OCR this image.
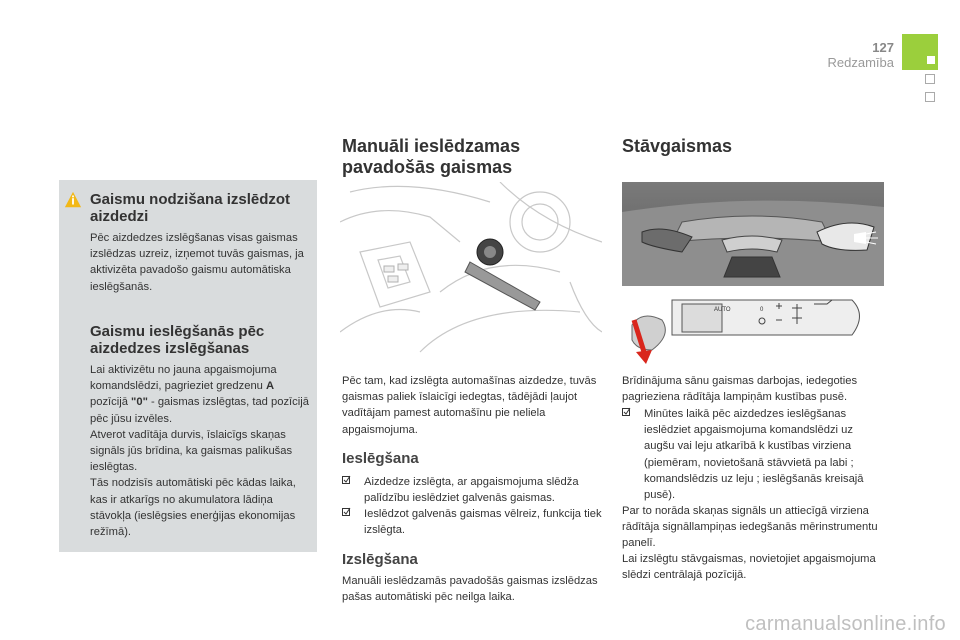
127
Redzamība
Gaismu nodzišana izslēdzot aizdedzi
Pēc aizdedzes izslēgšanas visas gaismas izslēdzas uzreiz, izņemot tuvās gaismas, ja aktivizēta pavadošo gaismu automātiska ieslēgšanās.
Gaismu ieslēgšanās pēc aizdedzes izslēgšanas
Lai aktivizētu no jauna apgaismojuma komandslēdzi, pagrieziet gredzenu A pozīcijā "0" - gaismas izslēgtas, tad pozīcijā pēc jūsu izvēles.
Atverot vadītāja durvis, īslaicīgs skaņas signāls jūs brīdina, ka gaismas palikušas ieslēgtas.
Tās nodzisīs automātiski pēc kādas laika, kas ir atkarīgs no akumulatora lādiņa stāvokļa (ieslēgsies enerģijas ekonomijas režīmā).
Manuāli ieslēdzamas pavadošās gaismas
Pēc tam, kad izslēgta automašīnas aizdedze, tuvās gaismas paliek īslaicīgi iedegtas, tādējādi ļaujot vadītājam pamest automašīnu pie neliela apgaismojuma.
Ieslēgšana
Aizdedze izslēgta, ar apgaismojuma slēdža palīdzību ieslēdziet galvenās gaismas.
Ieslēdzot galvenās gaismas vēlreiz, funkcija tiek izslēgta.
Izslēgšana
Manuāli ieslēdzamās pavadošās gaismas izslēdzas pašas automātiski pēc neilga laika.
Stāvgaismas
AUTO	0
Brīdinājuma sānu gaismas darbojas, iedegoties pagrieziena rādītāja lampiņām kustības pusē.
Minūtes laikā pēc aizdedzes ieslēgšanas ieslēdziet apgaismojuma komandslēdzi uz augšu vai leju atkarībā k kustības virziena (piemēram, novietošanā stāvvietā pa labi ; komandslēdzis uz leju ; ieslēgšanās kreisajā pusē).
Par to norāda skaņas signāls un attiecīgā virziena rādītāja signāllampiņas iedegšanās mērinstrumentu panelī.
Lai izslēgtu stāvgaismas, novietojiet apgaismojuma slēdzi centrālajā pozīcijā.
carmanualsonline.info
